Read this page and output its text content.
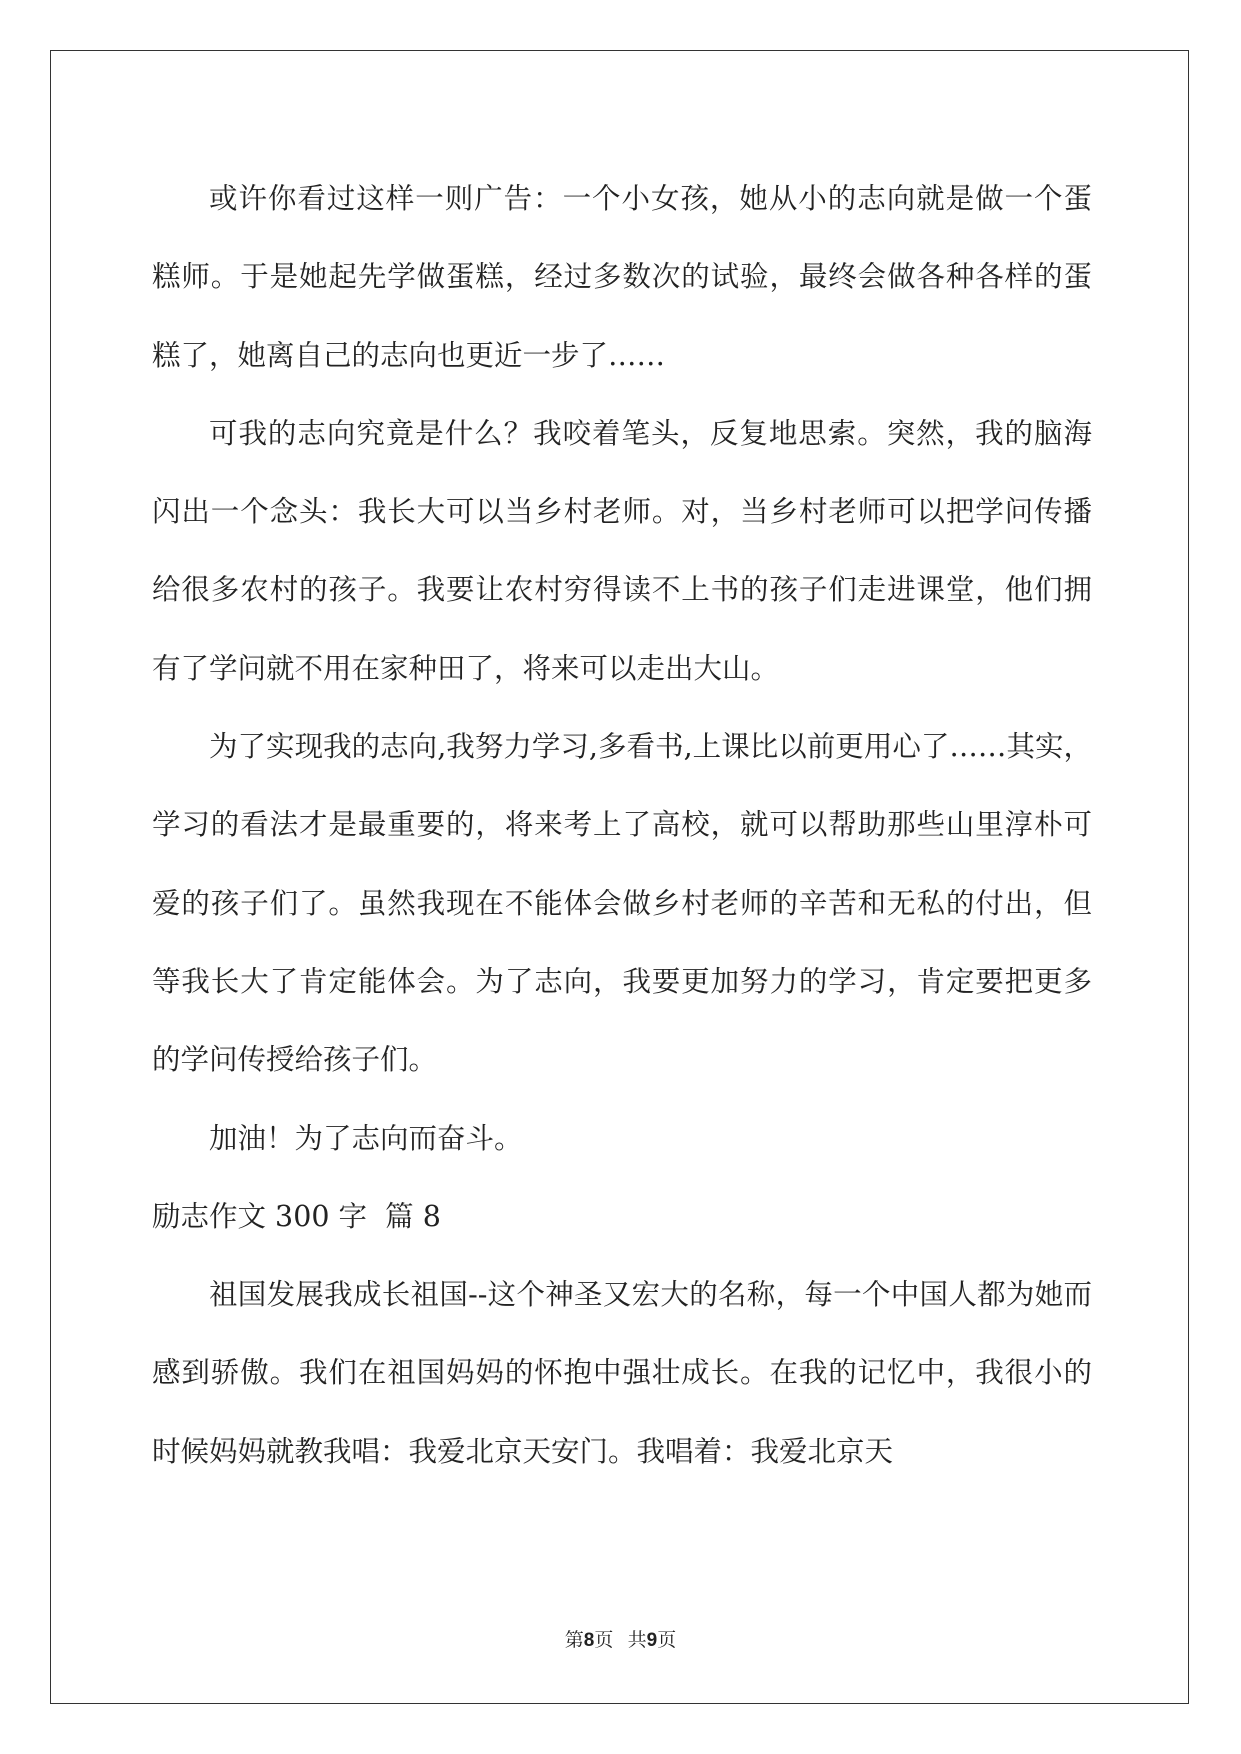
或许你看过这样一则广告：一个小女孩，她从小的志向就是做一个蛋糕师。于是她起先学做蛋糕，经过多数次的试验，最终会做各种各样的蛋糕了，她离自己的志向也更近一步了……

可我的志向究竟是什么？我咬着笔头，反复地思索。突然，我的脑海闪出一个念头：我长大可以当乡村老师。对，当乡村老师可以把学问传播给很多农村的孩子。我要让农村穷得读不上书的孩子们走进课堂，他们拥有了学问就不用在家种田了，将来可以走出大山。

为了实现我的志向,我努力学习,多看书,上课比以前更用心了……其实，学习的看法才是最重要的，将来考上了高校，就可以帮助那些山里淳朴可爱的孩子们了。虽然我现在不能体会做乡村老师的辛苦和无私的付出，但等我长大了肯定能体会。为了志向，我要更加努力的学习，肯定要把更多的学问传授给孩子们。

加油！为了志向而奋斗。

励志作文 300 字  篇 8

祖国发展我成长祖国--这个神圣又宏大的名称，每一个中国人都为她而感到骄傲。我们在祖国妈妈的怀抱中强壮成长。在我的记忆中，我很小的时候妈妈就教我唱：我爱北京天安门。我唱着：我爱北京天

第8页 共9页
